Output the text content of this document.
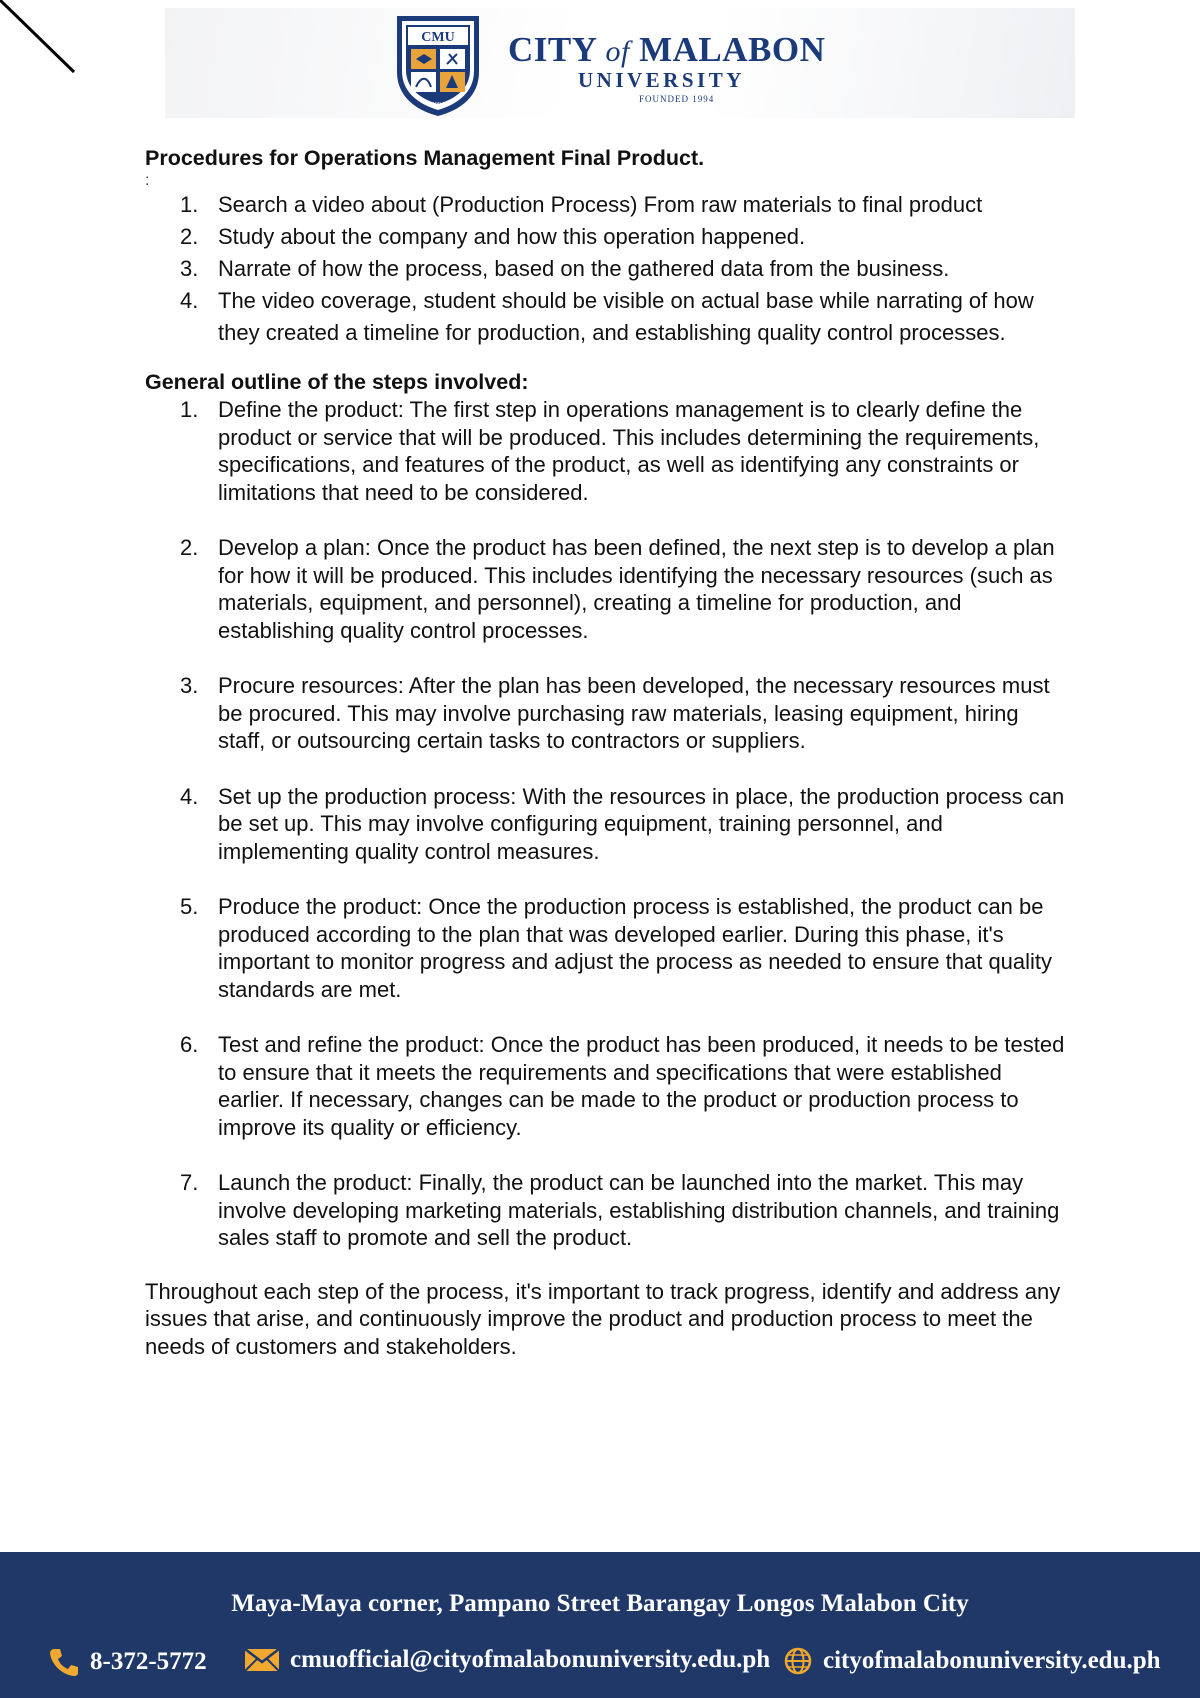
CMU
1994

CITY of MALABON

UNIVERSITY

FOUNDED 1994

Procedures for Operations Management Final Product.

:

1. Search a video about (Production Process) From raw materials to final product
2. Study about the company and how this operation happened.
3. Narrate of how the process, based on the gathered data from the business.
4. The video coverage, student should be visible on actual base while narrating of how they created a timeline for production, and establishing quality control processes.

General outline of the steps involved:

1. Define the product: The first step in operations management is to clearly define the product or service that will be produced. This includes determining the requirements, specifications, and features of the product, as well as identifying any constraints or limitations that need to be considered.
2. Develop a plan: Once the product has been defined, the next step is to develop a plan for how it will be produced. This includes identifying the necessary resources (such as materials, equipment, and personnel), creating a timeline for production, and establishing quality control processes.
3. Procure resources: After the plan has been developed, the necessary resources must be procured. This may involve purchasing raw materials, leasing equipment, hiring staff, or outsourcing certain tasks to contractors or suppliers.
4. Set up the production process: With the resources in place, the production process can be set up. This may involve configuring equipment, training personnel, and implementing quality control measures.
5. Produce the product: Once the production process is established, the product can be produced according to the plan that was developed earlier. During this phase, it's important to monitor progress and adjust the process as needed to ensure that quality standards are met.
6. Test and refine the product: Once the product has been produced, it needs to be tested to ensure that it meets the requirements and specifications that were established earlier. If necessary, changes can be made to the product or production process to improve its quality or efficiency.
7. Launch the product: Finally, the product can be launched into the market. This may involve developing marketing materials, establishing distribution channels, and training sales staff to promote and sell the product.

Throughout each step of the process, it's important to track progress, identify and address any issues that arise, and continuously improve the product and production process to meet the needs of customers and stakeholders.

Maya-Maya corner, Pampano Street Barangay Longos Malabon City

8-372-5772	cmuofficial@cityofmalabonuniversity.edu.ph cityofmalabonuniversity.edu.ph
